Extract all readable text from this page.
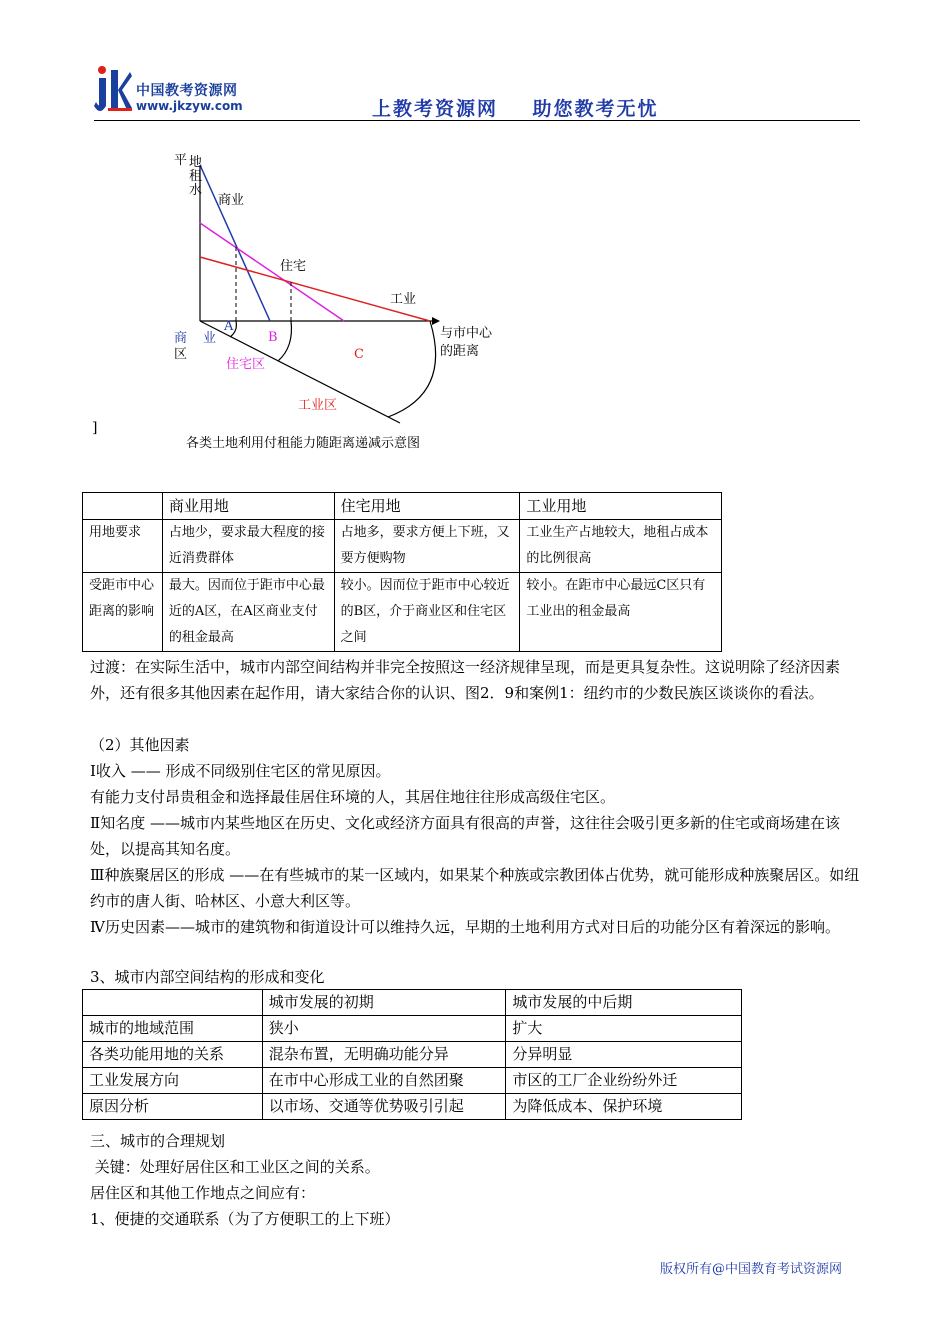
中国教考资源网
www.jkzyw.com	上教考资源网    助您教考无忧
平 地
租
水
商业
住宅
工业
A
B
C
与市中心
的距离
商 业
区
住宅区
工业区
]
各类土地利用付租能力随距离递减示意图
	商业用地	住宅用地	工业用地
用地要求	占地少，要求最大程度的接近消费群体	占地多，要求方便上下班，又要方便购物	工业生产占地较大，地租占成本的比例很高
受距市中心距离的影响	最大。因而位于距市中心最近的A区，在A区商业支付的租金最高	较小。因而位于距市中心较近的B区，介于商业区和住宅区之间	较小。在距市中心最远C区只有工业出的租金最高

过渡：在实际生活中，城市内部空间结构并非完全按照这一经济规律呈现，而是更具复杂性。这说明除了经济因素外，还有很多其他因素在起作用，请大家结合你的认识、图2．9和案例1：纽约市的少数民族区谈谈你的看法。

（2）其他因素

Ⅰ收入 —— 形成不同级别住宅区的常见原因。

有能力支付昂贵租金和选择最佳居住环境的人，其居住地往往形成高级住宅区。

Ⅱ知名度 ——城市内某些地区在历史、文化或经济方面具有很高的声誉，这往往会吸引更多新的住宅或商场建在该处，以提高其知名度。

Ⅲ种族聚居区的形成 ——在有些城市的某一区域内，如果某个种族或宗教团体占优势，就可能形成种族聚居区。如纽约市的唐人街、哈林区、小意大利区等。

Ⅳ历史因素——城市的建筑物和街道设计可以维持久远，早期的土地利用方式对日后的功能分区有着深远的影响。

3、城市内部空间结构的形成和变化

	城市发展的初期	城市发展的中后期
城市的地域范围	狭小	扩大
各类功能用地的关系	混杂布置，无明确功能分异	分异明显
工业发展方向	在市中心形成工业的自然团聚	市区的工厂企业纷纷外迁
原因分析	以市场、交通等优势吸引引起	为降低成本、保护环境

三、城市的合理规划

关键：处理好居住区和工业区之间的关系。

居住区和其他工作地点之间应有：

1、便捷的交通联系（为了方便职工的上下班）

版权所有@中国教育考试资源网
